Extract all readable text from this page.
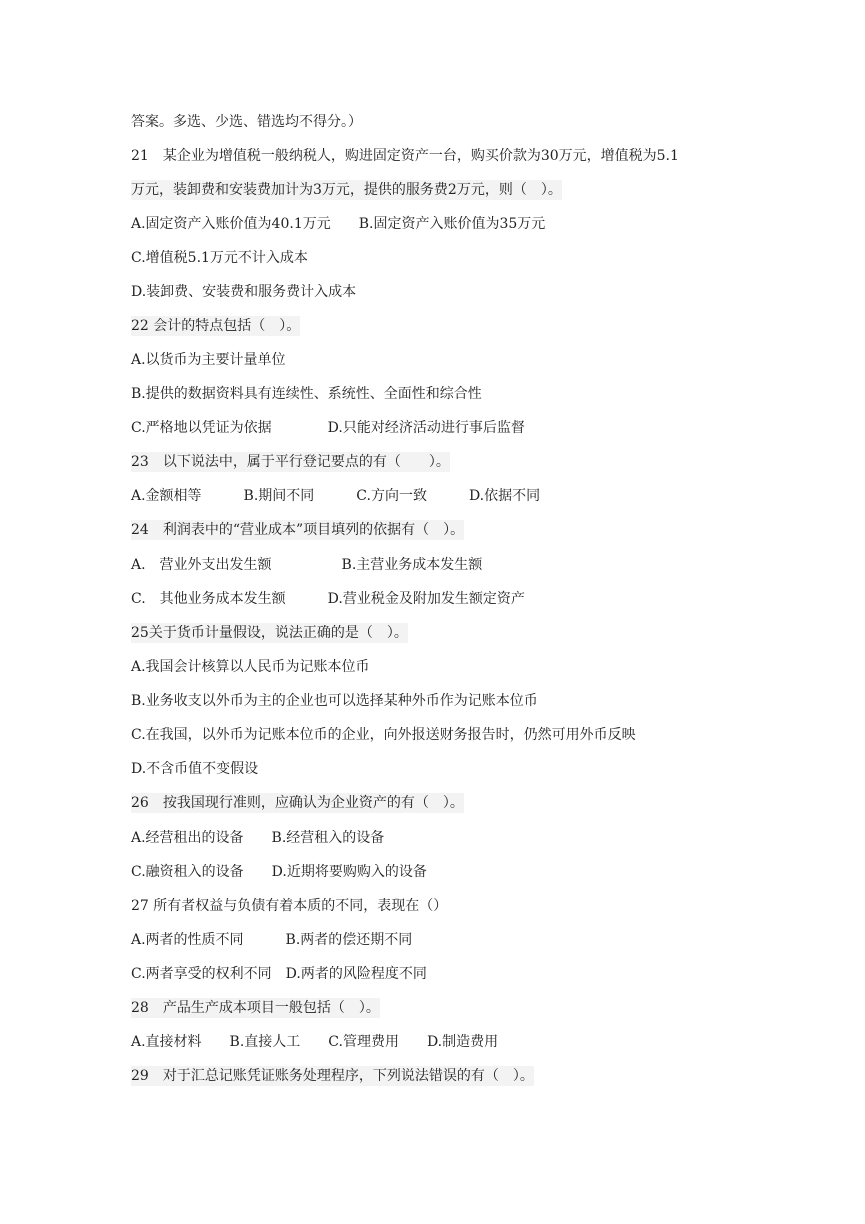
答案。多选、少选、错选均不得分。）
21　某企业为增值税一般纳税人，购进固定资产一台，购买价款为30万元，增值税为5.1
万元，装卸费和安装费加计为3万元，提供的服务费2万元，则（　）。
A.固定资产入账价值为40.1万元　　B.固定资产入账价值为35万元
C.增值税5.1万元不计入成本
D.装卸费、安装费和服务费计入成本
22 会计的特点包括（　）。
A.以货币为主要计量单位
B.提供的数据资料具有连续性、系统性、全面性和综合性
C.严格地以凭证为依据　　　　D.只能对经济活动进行事后监督
23　以下说法中，属于平行登记要点的有（　　）。
A.金额相等　　　B.期间不同　　　C.方向一致　　　D.依据不同
24　利润表中的“营业成本”项目填列的依据有（　）。
A.　营业外支出发生额　　　　　B.主营业务成本发生额
C.　其他业务成本发生额　　　D.营业税金及附加发生额定资产
25关于货币计量假设，说法正确的是（　）。
A.我国会计核算以人民币为记账本位币
B.业务收支以外币为主的企业也可以选择某种外币作为记账本位币
C.在我国，以外币为记账本位币的企业，向外报送财务报告时，仍然可用外币反映
D.不含币值不变假设
26　按我国现行准则，应确认为企业资产的有（　）。
A.经营租出的设备　　B.经营租入的设备
C.融资租入的设备　　D.近期将要购购入的设备
27 所有者权益与负债有着本质的不同，表现在（）
A.两者的性质不同　　　B.两者的偿还期不同
C.两者享受的权利不同　D.两者的风险程度不同
28　产品生产成本项目一般包括（　）。
A.直接材料　　B.直接人工　　C.管理费用　　D.制造费用
29　对于汇总记账凭证账务处理程序，下列说法错误的有（　）。
